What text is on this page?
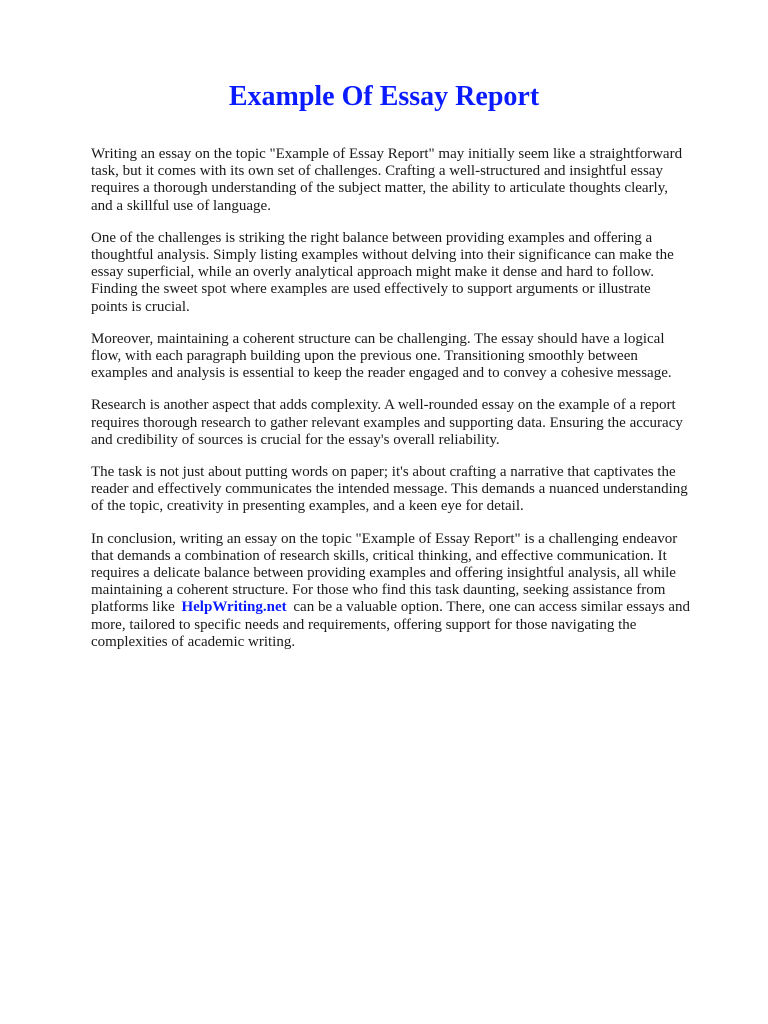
Example Of Essay Report

Writing an essay on the topic "Example of Essay Report" may initially seem like a straightforward task, but it comes with its own set of challenges. Crafting a well-structured and insightful essay requires a thorough understanding of the subject matter, the ability to articulate thoughts clearly, and a skillful use of language.

One of the challenges is striking the right balance between providing examples and offering a thoughtful analysis. Simply listing examples without delving into their significance can make the essay superficial, while an overly analytical approach might make it dense and hard to follow. Finding the sweet spot where examples are used effectively to support arguments or illustrate points is crucial.

Moreover, maintaining a coherent structure can be challenging. The essay should have a logical flow, with each paragraph building upon the previous one. Transitioning smoothly between examples and analysis is essential to keep the reader engaged and to convey a cohesive message.

Research is another aspect that adds complexity. A well-rounded essay on the example of a report requires thorough research to gather relevant examples and supporting data. Ensuring the accuracy and credibility of sources is crucial for the essay's overall reliability.

The task is not just about putting words on paper; it's about crafting a narrative that captivates the reader and effectively communicates the intended message. This demands a nuanced understanding of the topic, creativity in presenting examples, and a keen eye for detail.

In conclusion, writing an essay on the topic "Example of Essay Report" is a challenging endeavor that demands a combination of research skills, critical thinking, and effective communication. It requires a delicate balance between providing examples and offering insightful analysis, all while maintaining a coherent structure. For those who find this task daunting, seeking assistance from platforms like HelpWriting.net can be a valuable option. There, one can access similar essays and more, tailored to specific needs and requirements, offering support for those navigating the complexities of academic writing.
